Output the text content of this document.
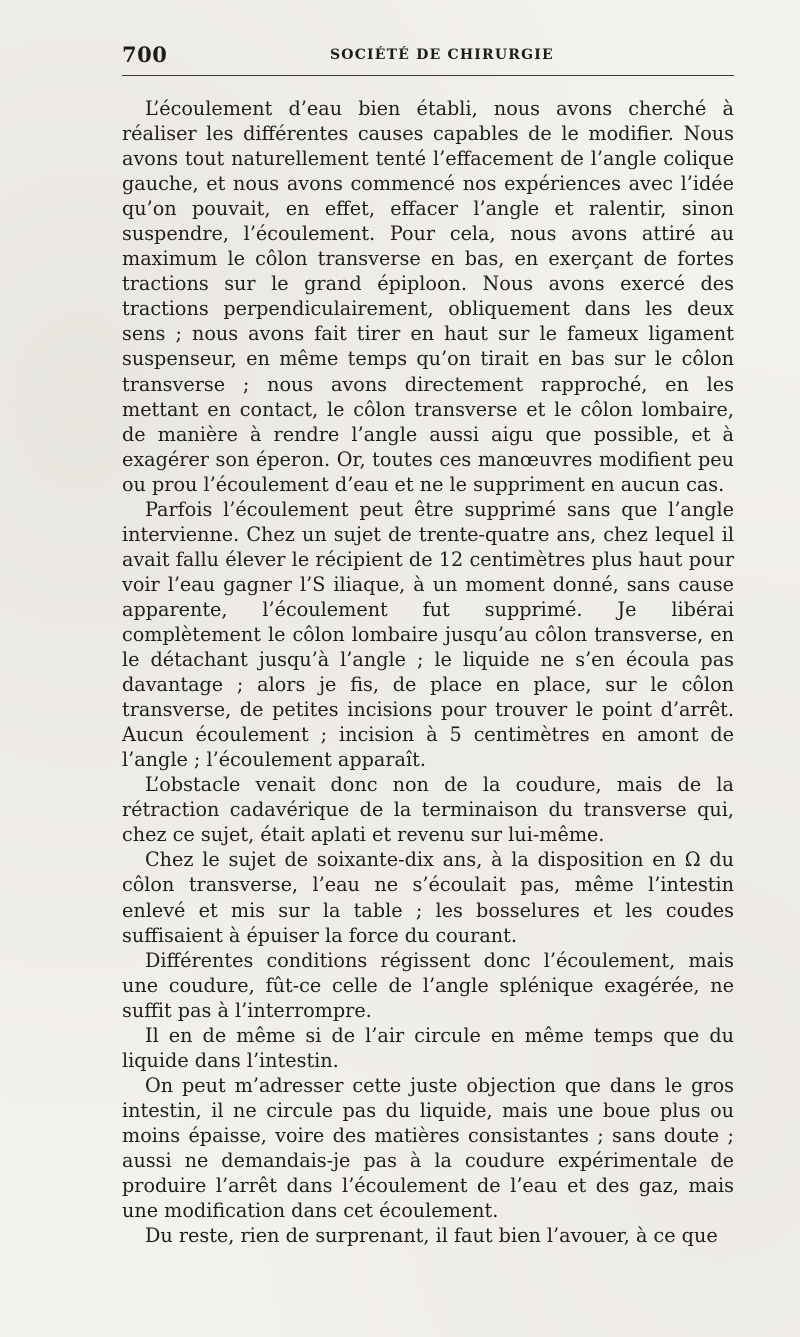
700	SOCIÉTÉ DE CHIRURGIE

L’écoulement d’eau bien établi, nous avons cherché à réaliser les différentes causes capables de le modifier. Nous avons tout naturellement tenté l’effacement de l’angle colique gauche, et nous avons commencé nos expériences avec l’idée qu’on pouvait, en effet, effacer l’angle et ralentir, sinon suspendre, l’écoulement. Pour cela, nous avons attiré au maximum le côlon transverse en bas, en exerçant de fortes tractions sur le grand épiploon. Nous avons exercé des tractions perpendiculairement, obliquement dans les deux sens ; nous avons fait tirer en haut sur le fameux ligament suspenseur, en même temps qu’on tirait en bas sur le côlon transverse ; nous avons directement rapproché, en les mettant en contact, le côlon transverse et le côlon lombaire, de manière à rendre l’angle aussi aigu que possible, et à exagérer son éperon. Or, toutes ces manœuvres modifient peu ou prou l’écoulement d’eau et ne le suppriment en aucun cas.

Parfois l’écoulement peut être supprimé sans que l’angle intervienne. Chez un sujet de trente-quatre ans, chez lequel il avait fallu élever le récipient de 12 centimètres plus haut pour voir l’eau gagner l’S iliaque, à un moment donné, sans cause apparente, l’écoulement fut supprimé. Je libérai complètement le côlon lombaire jusqu’au côlon transverse, en le détachant jusqu’à l’angle ; le liquide ne s’en écoula pas davantage ; alors je fis, de place en place, sur le côlon transverse, de petites incisions pour trouver le point d’arrêt. Aucun écoulement ; incision à 5 centimètres en amont de l’angle ; l’écoulement apparaît.

L’obstacle venait donc non de la coudure, mais de la rétraction cadavérique de la terminaison du transverse qui, chez ce sujet, était aplati et revenu sur lui-même.

Chez le sujet de soixante-dix ans, à la disposition en Ω du côlon transverse, l’eau ne s’écoulait pas, même l’intestin enlevé et mis sur la table ; les bosselures et les coudes suffisaient à épuiser la force du courant.

Différentes conditions régissent donc l’écoulement, mais une coudure, fût-ce celle de l’angle splénique exagérée, ne suffit pas à l’interrompre.

Il en de même si de l’air circule en même temps que du liquide dans l’intestin.

On peut m’adresser cette juste objection que dans le gros intestin, il ne circule pas du liquide, mais une boue plus ou moins épaisse, voire des matières consistantes ; sans doute ; aussi ne demandais-je pas à la coudure expérimentale de produire l’arrêt dans l’écoulement de l’eau et des gaz, mais une modification dans cet écoulement.

Du reste, rien de surprenant, il faut bien l’avouer, à ce que
